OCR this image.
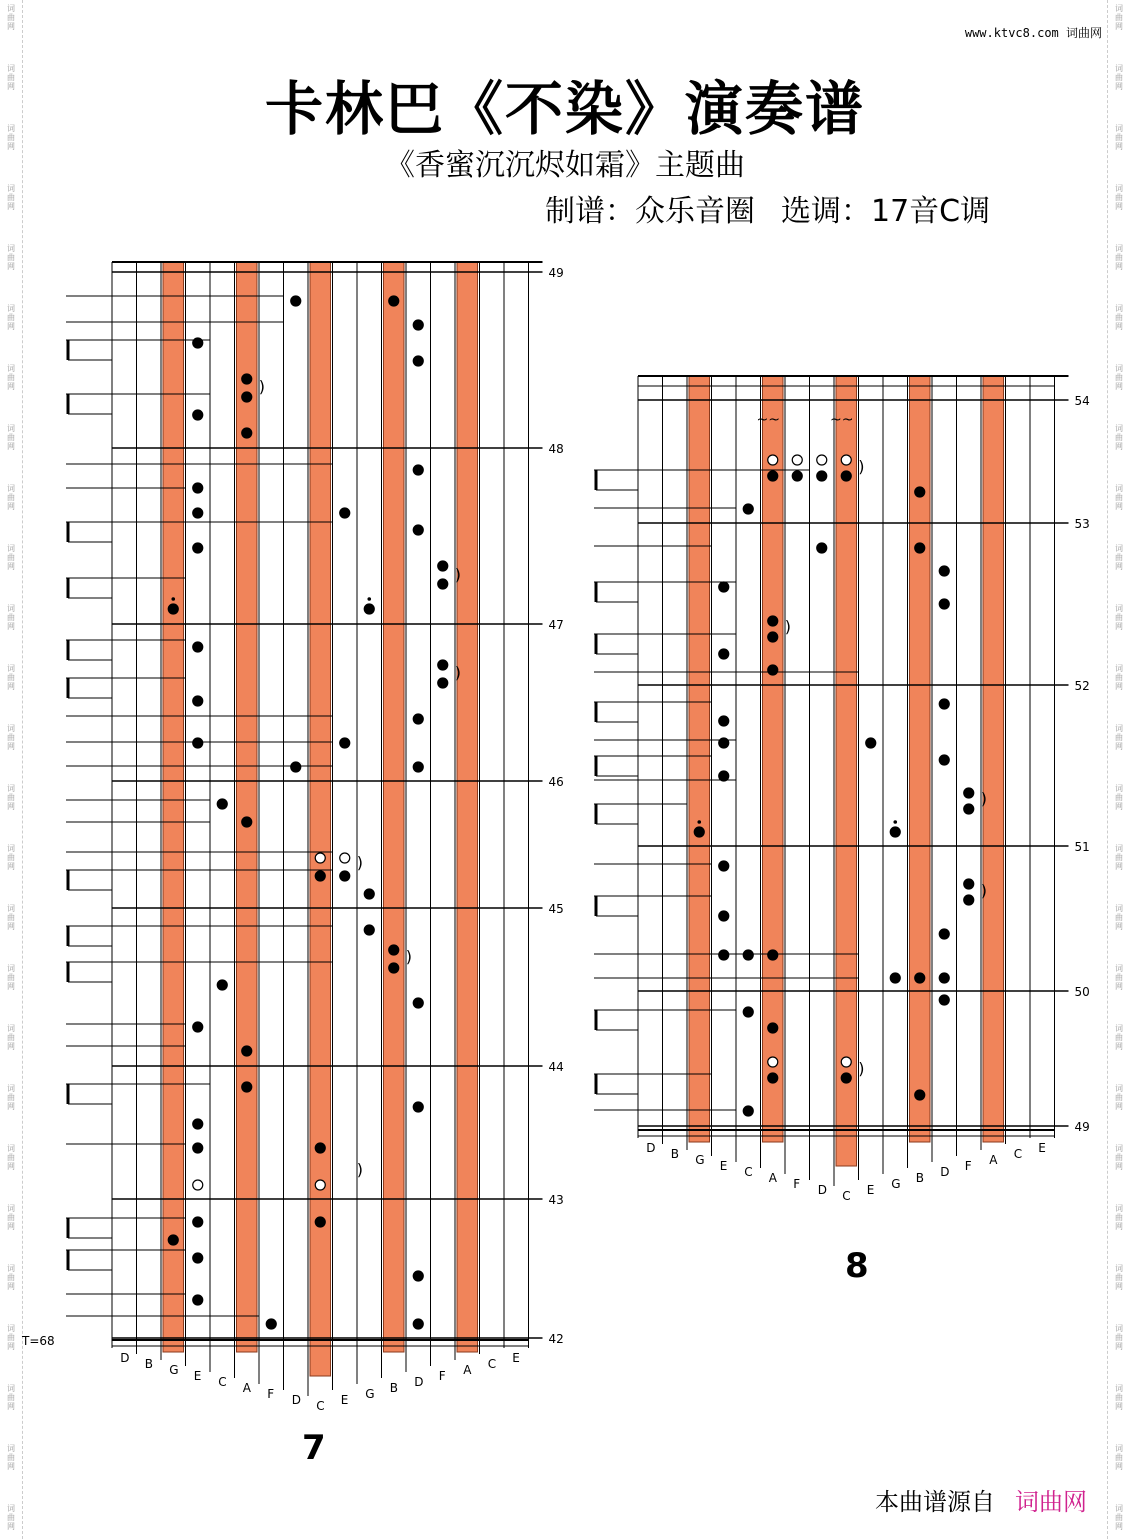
词
曲
网
词
曲
网
词
曲
网
词
曲
网
词
曲
网
词
曲
网
词
曲
网
词
曲
网
词
曲
网
词
曲
网
词
曲
网
词
曲
网
词
曲
网
词
曲
网
词
曲
网
词
曲
网
词
曲
网
词
曲
网
词
曲
网
词
曲
网
词
曲
网
词
曲
网
词
曲
网
词
曲
网
词
曲
网
词
曲
网
词
曲
网
词
曲
网
词
曲
网
词
曲
网
词
曲
网
词
曲
网
词
曲
网
词
曲
网
词
曲
网
词
曲
网
词
曲
网
词
曲
网
词
曲
网
词
曲
网
词
曲
网
词
曲
网
词
曲
网
词
曲
网
词
曲
网
词
曲
网
词
曲
网
词
曲
网
词
曲
网
词
曲
网
词
曲
网
词
曲
网
www.ktvc8.com 词曲网
卡林巴《不染》演奏谱
《香蜜沉沉烬如霜》主题曲
制谱：众乐音圈 选调：17音C调
T=68
49
48
47
46
45
44
43
42
)
)
)
)
)
)
D B G E C A F D C E G B D F A C E
54
53
52
51
50
49
)
)
)
)
)
D B G E C A F D C E G B D F A C E
~~	~~
7
8
本曲谱源自 词曲网
